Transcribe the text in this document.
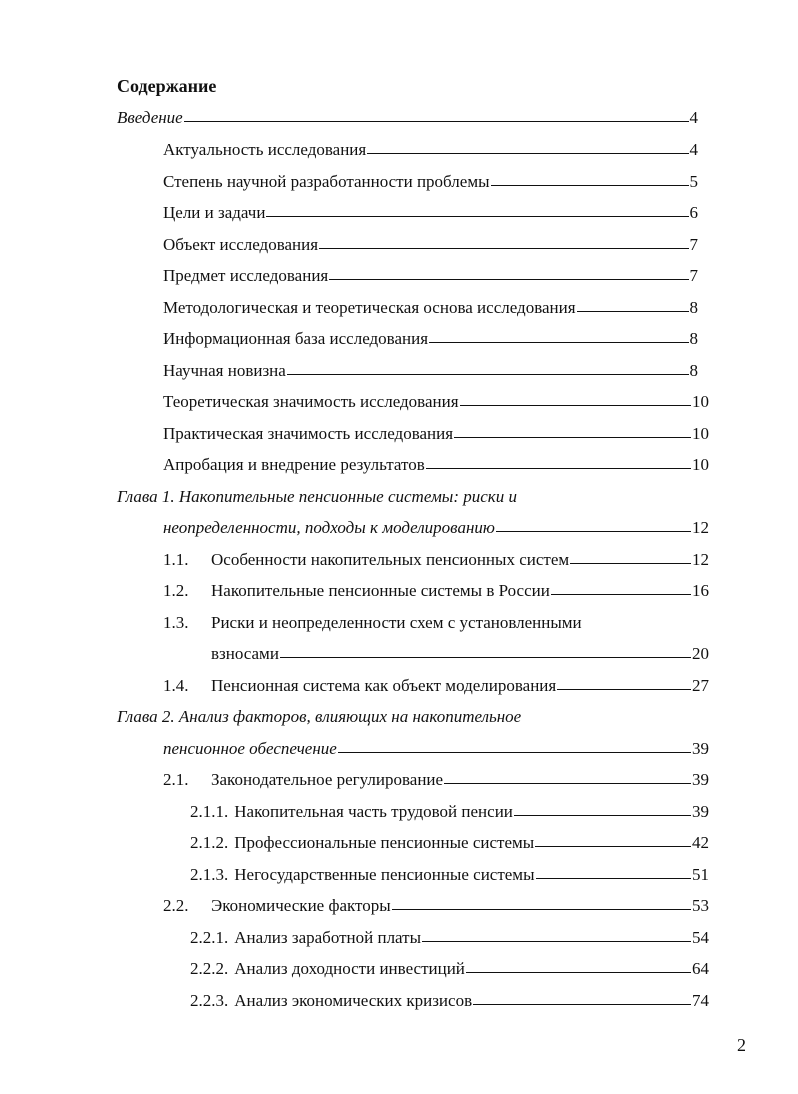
Содержание
Введение	4
Актуальность исследования	4
Степень научной разработанности проблемы	5
Цели и задачи	6
Объект исследования	7
Предмет исследования	7
Методологическая и теоретическая основа исследования	8
Информационная база исследования	8
Научная новизна	8
Теоретическая значимость исследования	10
Практическая значимость исследования	10
Апробация и внедрение результатов	10
Глава 1. Накопительные пенсионные системы: риски и
неопределенности, подходы к моделированию	12
1.1.	Особенности накопительных пенсионных систем	12
1.2.	Накопительные пенсионные системы в России	16
1.3.	Риски и неопределенности схем с установленными
взносами	20
1.4.	Пенсионная система как объект моделирования	27
Глава 2. Анализ факторов, влияющих на накопительное
пенсионное обеспечение	39
2.1.	Законодательное регулирование	39
2.1.1. Накопительная часть трудовой пенсии	39
2.1.2. Профессиональные пенсионные системы	42
2.1.3. Негосударственные пенсионные системы	51
2.2.	Экономические факторы	53
2.2.1. Анализ заработной платы	54
2.2.2. Анализ доходности инвестиций	64
2.2.3. Анализ экономических кризисов	74
2
